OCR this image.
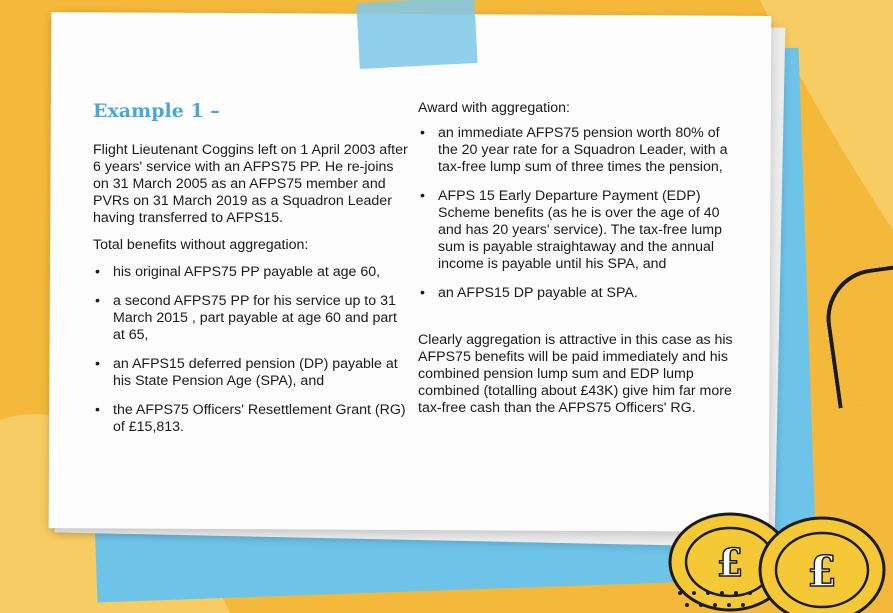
Example 1 –

Flight Lieutenant Coggins left on 1 April 2003 after 6 years' service with an AFPS75 PP. He re-joins on 31 March 2005 as an AFPS75 member and PVRs on 31 March 2019 as a Squadron Leader having transferred to AFPS15.

Total benefits without aggregation:

• his original AFPS75 PP payable at age 60,
• a second AFPS75 PP for his service up to 31 March 2015 , part payable at age 60 and part at 65,
• an AFPS15 deferred pension (DP) payable at his State Pension Age (SPA), and
• the AFPS75 Officers' Resettlement Grant (RG) of £15,813.

Award with aggregation:

• an immediate AFPS75 pension worth 80% of the 20 year rate for a Squadron Leader, with a tax-free lump sum of three times the pension,
• AFPS 15 Early Departure Payment (EDP) Scheme benefits (as he is over the age of 40 and has 20 years' service). The tax-free lump sum is payable straightaway and the annual income is payable until his SPA, and
• an AFPS15 DP payable at SPA.

Clearly aggregation is attractive in this case as his AFPS75 benefits will be paid immediately and his combined pension lump sum and EDP lump combined (totalling about £43K) give him far more tax-free cash than the AFPS75 Officers' RG.

£ £
